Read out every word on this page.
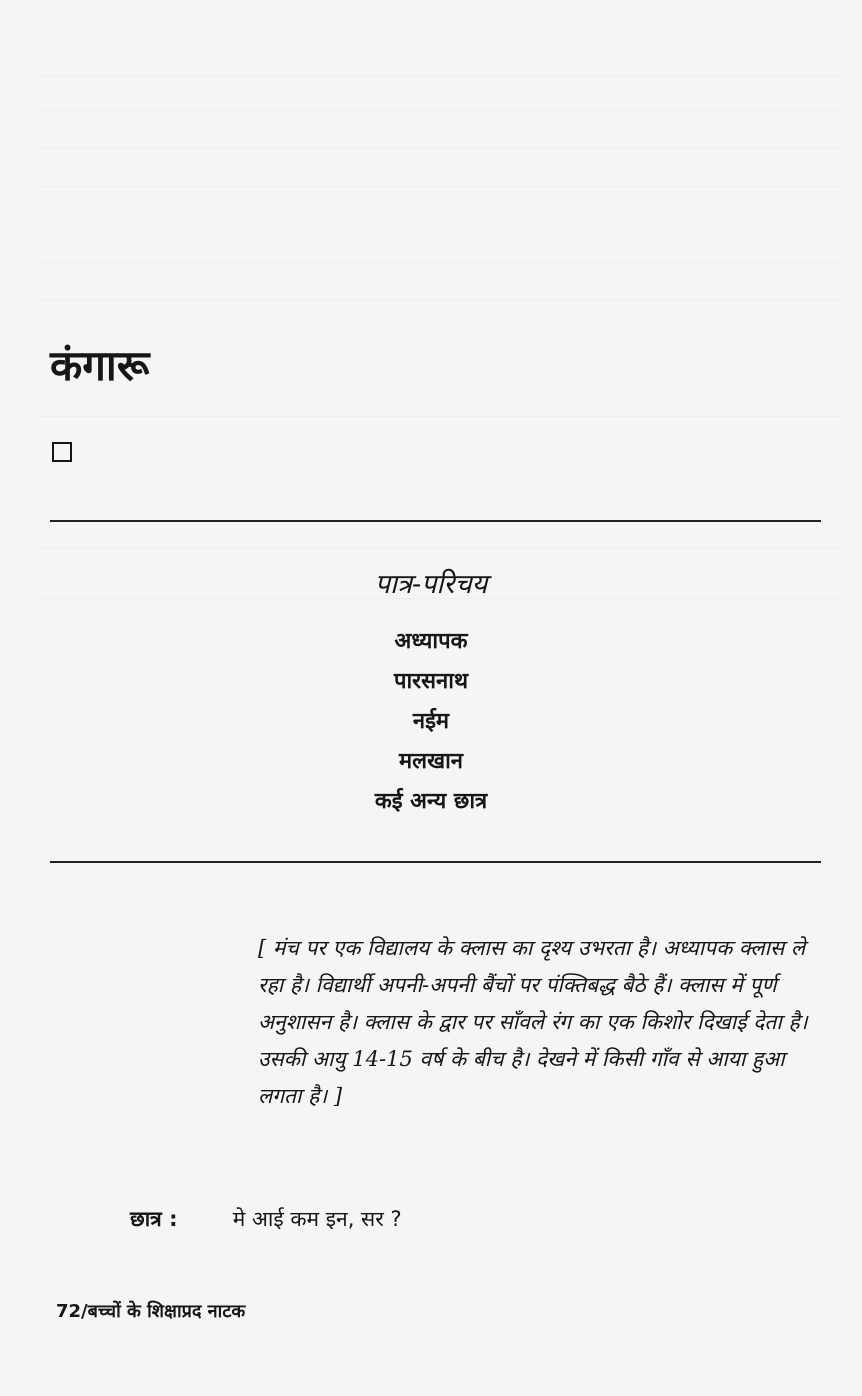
कंगारू
पात्र-परिचय
अध्यापक
पारसनाथ
नईम
मलखान
कई अन्य छात्र

[ मंच पर एक विद्यालय के क्लास का दृश्य उभरता है। अध्यापक क्लास ले रहा है। विद्यार्थी अपनी-अपनी बैंचों पर पंक्तिबद्ध बैठे हैं। क्लास में पूर्ण अनुशासन है। क्लास के द्वार पर साँवले रंग का एक किशोर दिखाई देता है। उसकी आयु 14-15 वर्ष के बीच है। देखने में किसी गाँव से आया हुआ लगता है। ]

छात्र :	मे आई कम इन, सर ?
72/बच्चों के शिक्षाप्रद नाटक
